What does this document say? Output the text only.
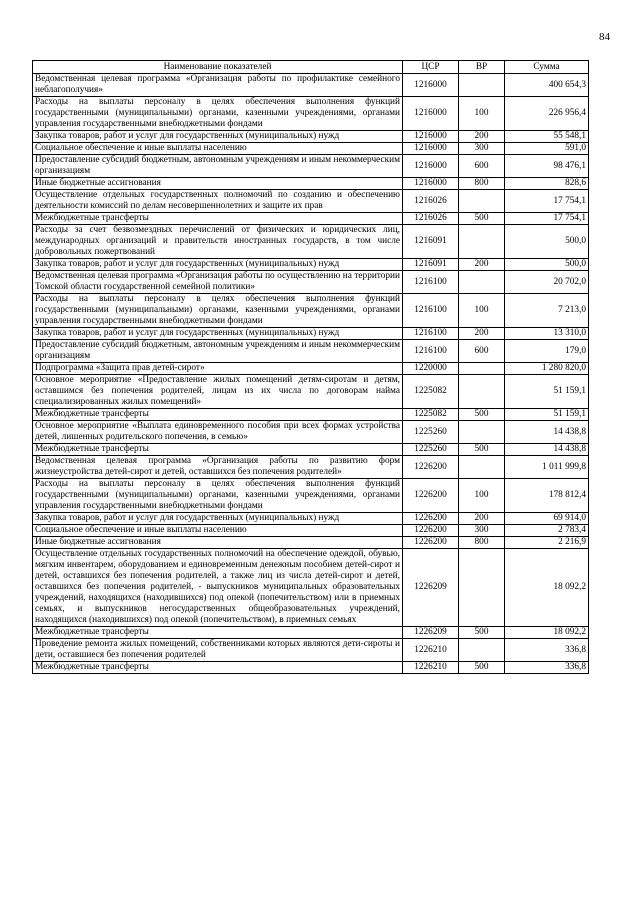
84
Наименование показателей	ЦСР	ВР	Сумма
Ведомственная целевая программа «Организация работы по профилактике семейного неблагополучия»	1216000		400 654,3
Расходы на выплаты персоналу в целях обеспечения выполнения функций государственными (муниципальными) органами, казенными учреждениями, органами управления государственными внебюджетными фондами	1216000	100	226 956,4
Закупка товаров, работ и услуг для государственных (муниципальных) нужд	1216000	200	55 548,1
Социальное обеспечение и иные выплаты населению	1216000	300	591,0
Предоставление субсидий бюджетным, автономным учреждениям и иным некоммерческим организациям	1216000	600	98 476,1
Иные бюджетные ассигнования	1216000	800	828,6
Осуществление отдельных государственных полномочий по созданию и обеспечению деятельности комиссий по делам несовершеннолетних и защите их прав	1216026		17 754,1
Межбюджетные трансферты	1216026	500	17 754,1
Расходы за счет безвозмездных перечислений от физических и юридических лиц, международных организаций и правительств иностранных государств, в том числе добровольных пожертвований	1216091		500,0
Закупка товаров, работ и услуг для государственных (муниципальных) нужд	1216091	200	500,0
Ведомственная целевая программа «Организация работы по осуществлению на территории Томской области государственной семейной политики»	1216100		20 702,0
Расходы на выплаты персоналу в целях обеспечения выполнения функций государственными (муниципальными) органами, казенными учреждениями, органами управления государственными внебюджетными фондами	1216100	100	7 213,0
Закупка товаров, работ и услуг для государственных (муниципальных) нужд	1216100	200	13 310,0
Предоставление субсидий бюджетным, автономным учреждениям и иным некоммерческим организациям	1216100	600	179,0
Подпрограмма «Защита прав детей-сирот»	1220000		1 280 820,0
Основное мероприятие «Предоставление жилых помещений детям-сиротам и детям, оставшимся без попечения родителей, лицам из их числа по договорам найма специализированных жилых помещений»	1225082		51 159,1
Межбюджетные трансферты	1225082	500	51 159,1
Основное мероприятие «Выплата единовременного пособия при всех формах устройства детей, лишенных родительского попечения, в семью»	1225260		14 438,8
Межбюджетные трансферты	1225260	500	14 438,8
Ведомственная целевая программа «Организация работы по развитию форм жизнеустройства детей-сирот и детей, оставшихся без попечения родителей»	1226200		1 011 999,8
Расходы на выплаты персоналу в целях обеспечения выполнения функций государственными (муниципальными) органами, казенными учреждениями, органами управления государственными внебюджетными фондами	1226200	100	178 812,4
Закупка товаров, работ и услуг для государственных (муниципальных) нужд	1226200	200	69 914,0
Социальное обеспечение и иные выплаты населению	1226200	300	2 783,4
Иные бюджетные ассигнования	1226200	800	2 216,9
Осуществление отдельных государственных полномочий на обеспечение одеждой, обувью, мягким инвентарем, оборудованием и единовременным денежным пособием детей-сирот и детей, оставшихся без попечения родителей, а также лиц из числа детей-сирот и детей, оставшихся без попечения родителей, - выпускников муниципальных образовательных учреждений, находящихся (находившихся) под опекой (попечительством) или в приемных семьях, и выпускников негосударственных общеобразовательных учреждений, находящихся (находившихся) под опекой (попечительством), в приемных семьях	1226209		18 092,2
Межбюджетные трансферты	1226209	500	18 092,2
Проведение ремонта жилых помещений, собственниками которых являются дети-сироты и дети, оставшиеся без попечения родителей	1226210		336,8
Межбюджетные трансферты	1226210	500	336,8
